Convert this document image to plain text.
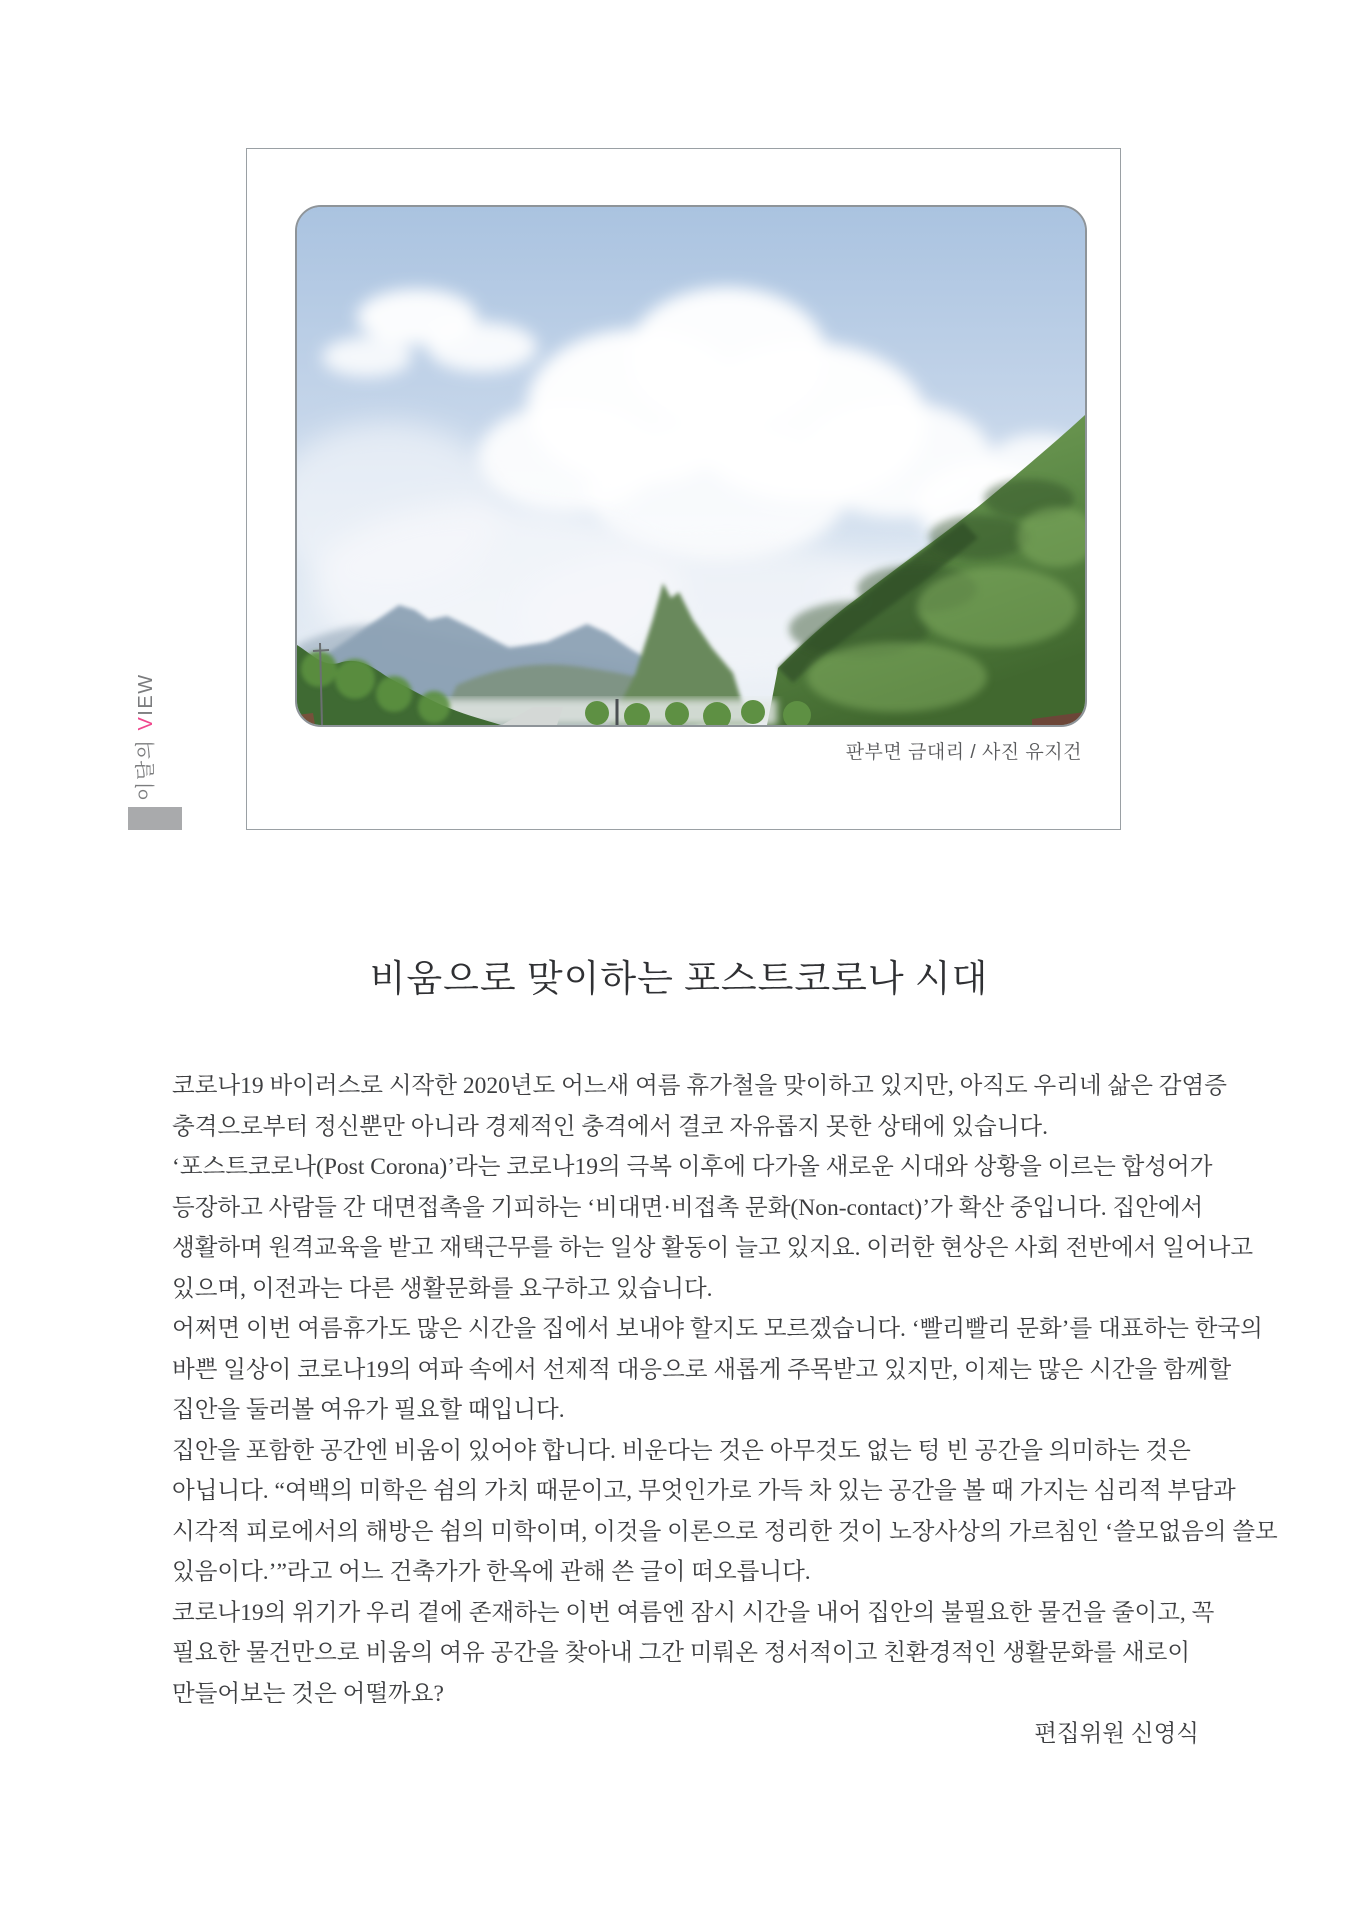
이달의VIEW
판부면 금대리 / 사진 유지건
비움으로 맞이하는 포스트코로나 시대
코로나19 바이러스로 시작한 2020년도 어느새 여름 휴가철을 맞이하고 있지만, 아직도 우리네 삶은 감염증
충격으로부터 정신뿐만 아니라 경제적인 충격에서 결코 자유롭지 못한 상태에 있습니다.
‘포스트코로나(Post Corona)’라는 코로나19의 극복 이후에 다가올 새로운 시대와 상황을 이르는 합성어가
등장하고 사람들 간 대면접촉을 기피하는 ‘비대면·비접촉 문화(Non-contact)’가 확산 중입니다. 집안에서
생활하며 원격교육을 받고 재택근무를 하는 일상 활동이 늘고 있지요. 이러한 현상은 사회 전반에서 일어나고
있으며, 이전과는 다른 생활문화를 요구하고 있습니다.
어쩌면 이번 여름휴가도 많은 시간을 집에서 보내야 할지도 모르겠습니다. ‘빨리빨리 문화’를 대표하는 한국의
바쁜 일상이 코로나19의 여파 속에서 선제적 대응으로 새롭게 주목받고 있지만, 이제는 많은 시간을 함께할
집안을 둘러볼 여유가 필요할 때입니다.
집안을 포함한 공간엔 비움이 있어야 합니다. 비운다는 것은 아무것도 없는 텅 빈 공간을 의미하는 것은
아닙니다. “여백의 미학은 쉼의 가치 때문이고, 무엇인가로 가득 차 있는 공간을 볼 때 가지는 심리적 부담과
시각적 피로에서의 해방은 쉼의 미학이며, 이것을 이론으로 정리한 것이 노장사상의 가르침인 ‘쓸모없음의 쓸모
있음이다.’”라고 어느 건축가가 한옥에 관해 쓴 글이 떠오릅니다.
코로나19의 위기가 우리 곁에 존재하는 이번 여름엔 잠시 시간을 내어 집안의 불필요한 물건을 줄이고, 꼭
필요한 물건만으로 비움의 여유 공간을 찾아내 그간 미뤄온 정서적이고 친환경적인 생활문화를 새로이
만들어보는 것은 어떨까요?
편집위원 신영식
